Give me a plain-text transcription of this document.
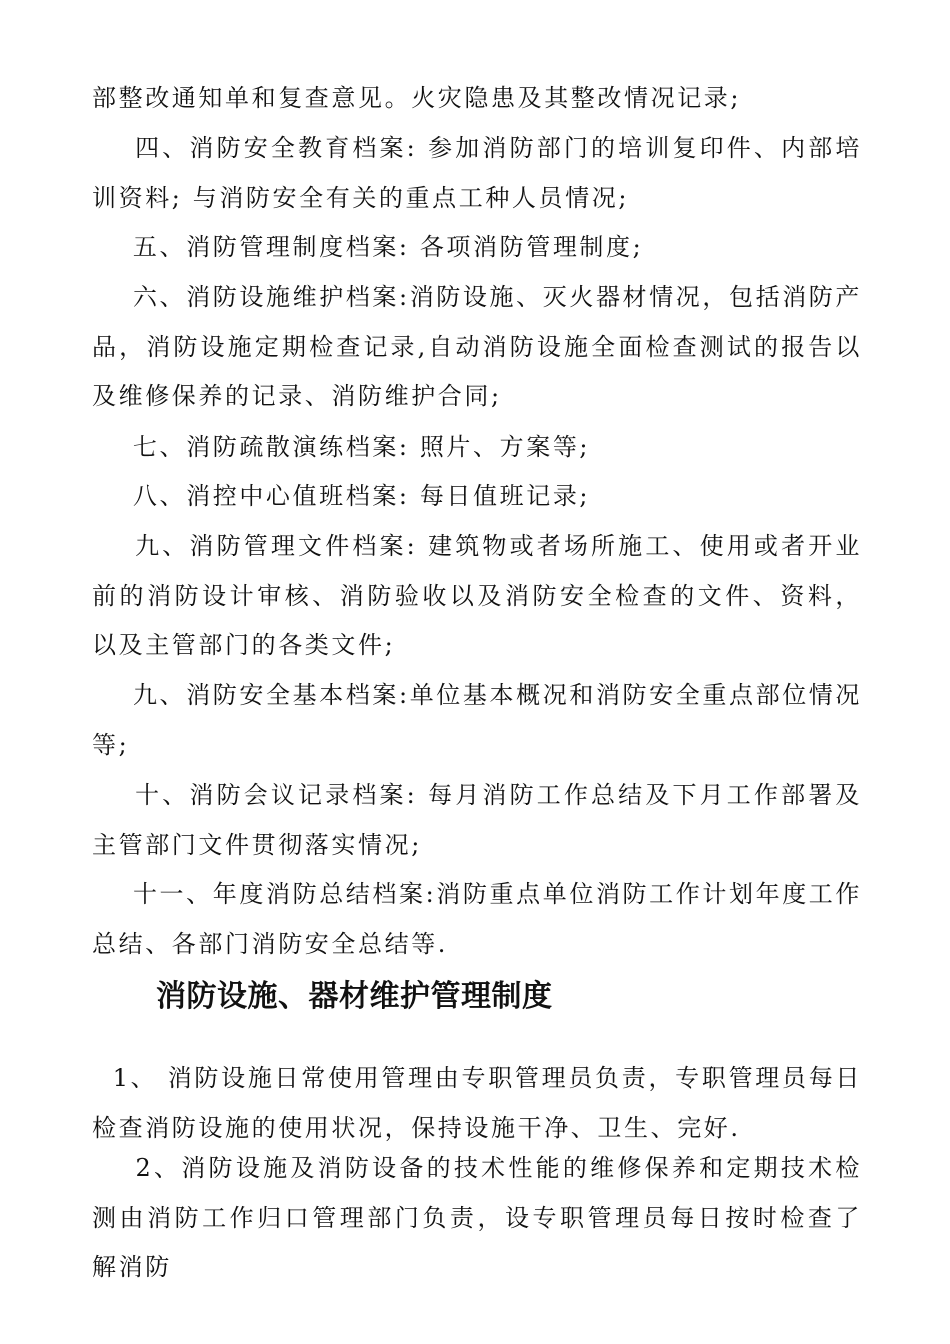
部整改通知单和复查意见。火灾隐患及其整改情况记录;

四、消防安全教育档案: 参加消防部门的培训复印件、内部培训资料; 与消防安全有关的重点工种人员情况;

五、消防管理制度档案: 各项消防管理制度;

六、消防设施维护档案:消防设施、灭火器材情况，包括消防产品，消防设施定期检查记录,自动消防设施全面检查测试的报告以及维修保养的记录、消防维护合同;

七、消防疏散演练档案: 照片、方案等;

八、消控中心值班档案: 每日值班记录;

九、消防管理文件档案: 建筑物或者场所施工、使用或者开业前的消防设计审核、消防验收以及消防安全检查的文件、资料，以及主管部门的各类文件;

九、消防安全基本档案:单位基本概况和消防安全重点部位情况等;

十、消防会议记录档案: 每月消防工作总结及下月工作部署及主管部门文件贯彻落实情况;

十一、年度消防总结档案:消防重点单位消防工作计划年度工作总结、各部门消防安全总结等.

消防设施、器材维护管理制度

1、 消防设施日常使用管理由专职管理员负责，专职管理员每日检查消防设施的使用状况，保持设施干净、卫生、完好.

2、消防设施及消防设备的技术性能的维修保养和定期技术检测由消防工作归口管理部门负责，设专职管理员每日按时检查了解消防
